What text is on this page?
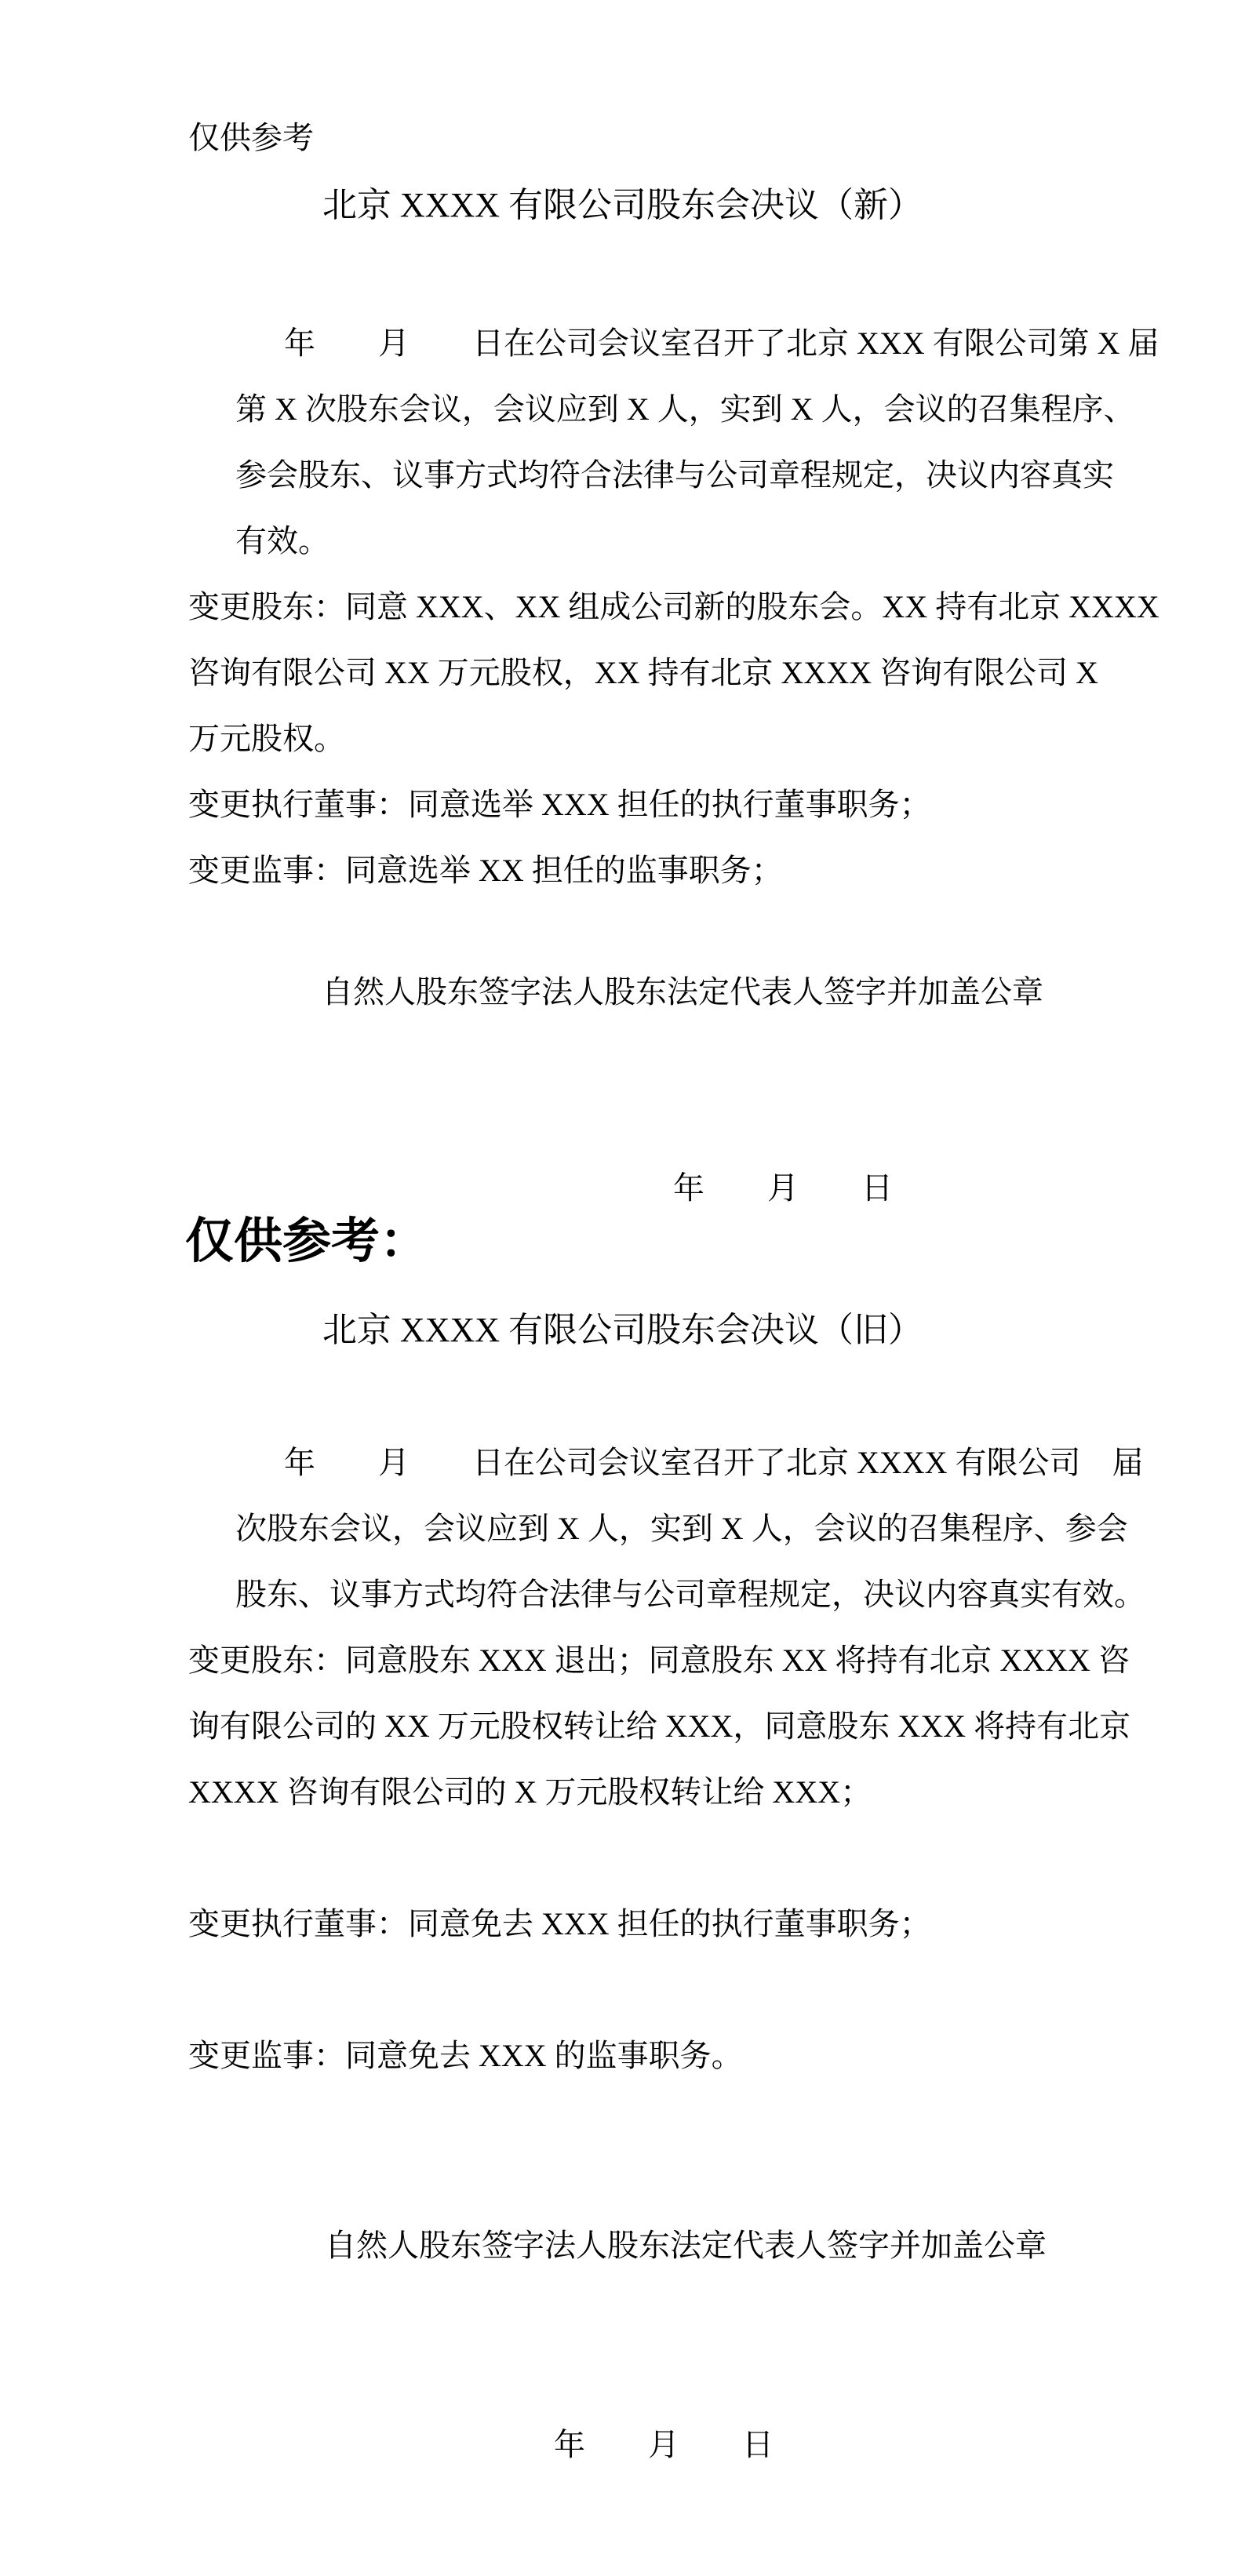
仅供参考
北京 XXXX 有限公司股东会决议（新）
年　　月　　日在公司会议室召开了北京 XXX 有限公司第 X 届
第 X 次股东会议，会议应到 X 人，实到 X 人，会议的召集程序、
参会股东、议事方式均符合法律与公司章程规定，决议内容真实
有效。
变更股东：同意 XXX、XX 组成公司新的股东会。XX 持有北京 XXXX
咨询有限公司 XX 万元股权，XX 持有北京 XXXX 咨询有限公司 X
万元股权。
变更执行董事：同意选举 XXX 担任的执行董事职务；
变更监事：同意选举 XX 担任的监事职务；
自然人股东签字法人股东法定代表人签字并加盖公章
年　　月　　日
仅供参考：
北京 XXXX 有限公司股东会决议（旧）
年　　月　　日在公司会议室召开了北京 XXXX 有限公司　届
次股东会议，会议应到 X 人，实到 X 人，会议的召集程序、参会
股东、议事方式均符合法律与公司章程规定，决议内容真实有效。
变更股东：同意股东 XXX 退出；同意股东 XX 将持有北京 XXXX 咨
询有限公司的 XX 万元股权转让给 XXX，同意股东 XXX 将持有北京
XXXX 咨询有限公司的 X 万元股权转让给 XXX；
变更执行董事：同意免去 XXX 担任的执行董事职务；
变更监事：同意免去 XXX 的监事职务。
自然人股东签字法人股东法定代表人签字并加盖公章
年　　月　　日
